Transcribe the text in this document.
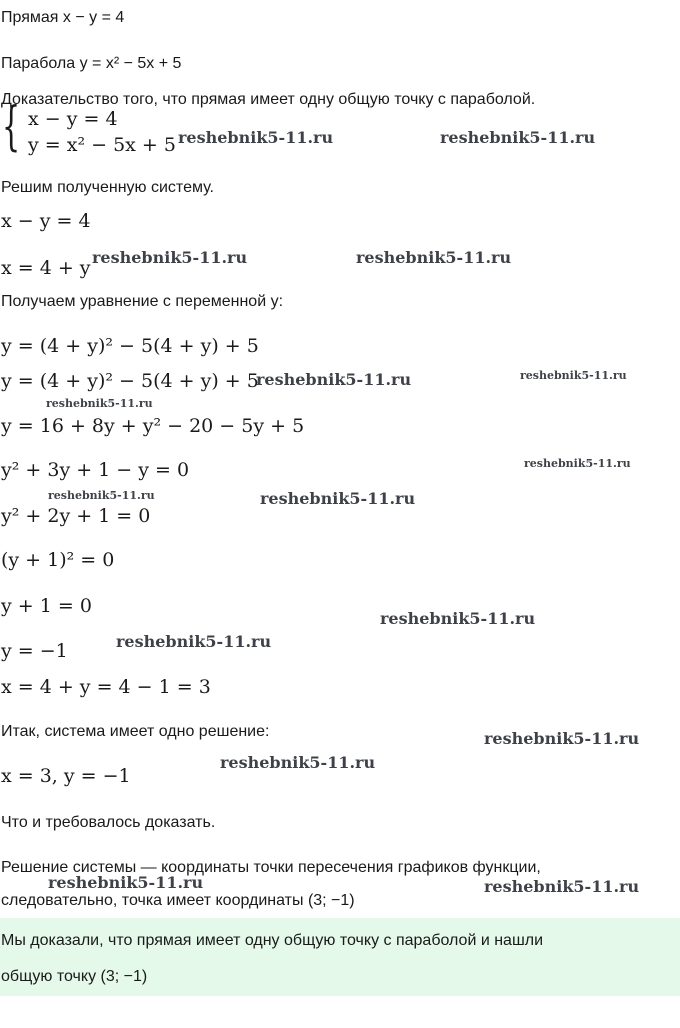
Прямая x − y = 4
Парабола y = x² − 5x + 5
Доказательство того, что прямая имеет одну общую точку с параболой.
{ x − y = 4
y = x² − 5x + 5
Решим полученную систему.
x − y = 4
x = 4 + y
Получаем уравнение с переменной y:
y = (4 + y)² − 5(4 + y) + 5
y = (4 + y)² − 5(4 + y) + 5
y = 16 + 8y + y² − 20 − 5y + 5
y² + 3y + 1 − y = 0
y² + 2y + 1 = 0
(y + 1)² = 0
y + 1 = 0
y = −1
x = 4 + y = 4 − 1 = 3
Итак, система имеет одно решение:
x = 3, y = −1
Что и требовалось доказать.
Решение системы — координаты точки пересечения графиков функции,
следовательно, точка имеет координаты (3; −1)
Мы доказали, что прямая имеет одну общую точку с параболой и нашли
общую точку (3; −1)
reshebnik5-11.ru	reshebnik5-11.ru
reshebnik5-11.ru	reshebnik5-11.ru
reshebnik5-11.ru	reshebnik5-11.ru
reshebnik5-11.ru
reshebnik5-11.ru
reshebnik5-11.ru	reshebnik5-11.ru
reshebnik5-11.ru
reshebnik5-11.ru
reshebnik5-11.ru
reshebnik5-11.ru
reshebnik5-11.ru	reshebnik5-11.ru
